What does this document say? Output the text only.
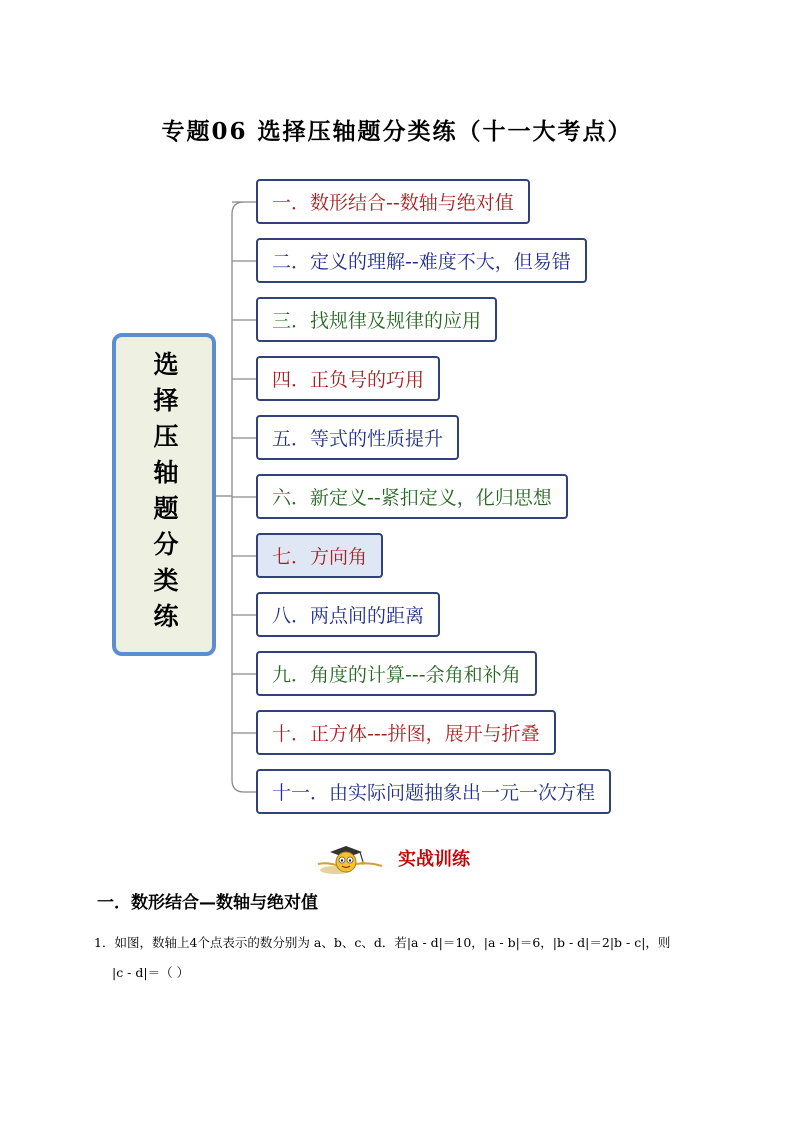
专题06 选择压轴题分类练（十一大考点）
选择压轴题分类练
一．数形结合--数轴与绝对值
二．定义的理解--难度不大，但易错
三．找规律及规律的应用
四．正负号的巧用
五．等式的性质提升
六．新定义--紧扣定义，化归思想
七．方向角
八．两点间的距离
九．角度的计算---余角和补角
十．正方体---拼图，展开与折叠
十一．由实际问题抽象出一元一次方程
实战训练
一．数形结合—数轴与绝对值
1．如图，数轴上4个点表示的数分别为 a、b、c、d．若|a - d|＝10，|a - b|＝6，|b - d|＝2|b - c|，则
|c - d|＝（ ）
